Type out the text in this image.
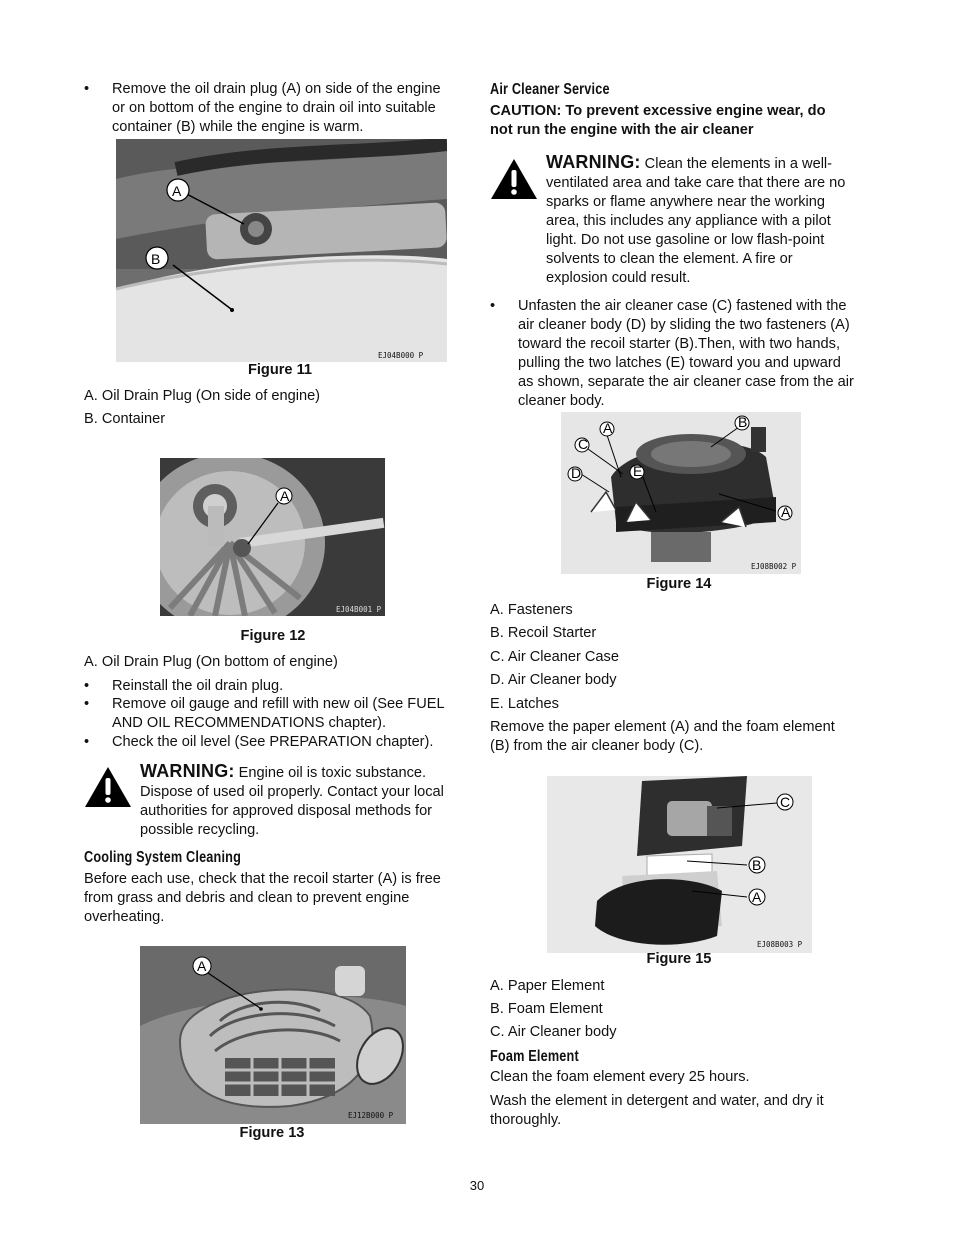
• Remove the oil drain plug (A) on side of the engine
or on bottom of the engine to drain oil into suitable
container (B) while the engine is warm.
A
B
EJ04B000 P
Figure 11
A. Oil Drain Plug (On side of engine)
B. Container
A
EJ04B001 P
Figure 12
A. Oil Drain Plug (On bottom of engine)
• Reinstall the oil drain plug.
• Remove oil gauge and refill with new oil (See FUEL
AND OIL RECOMMENDATIONS chapter).
• Check the oil level (See PREPARATION chapter).
WARNING: Engine oil is toxic substance.
Dispose of used oil properly. Contact your local
authorities for approved disposal methods for
possible recycling.
Cooling System Cleaning
Before each use, check that the recoil starter (A) is free
from grass and debris and clean to prevent engine
overheating.
A
EJ12B000 P
Figure 13
Air Cleaner Service
CAUTION: To prevent excessive engine wear, do
not run the engine with the air cleaner
WARNING: Clean the elements in a well-
ventilated area and take care that there are no
sparks or flame anywhere near the working
area, this includes any appliance with a pilot
light. Do not use gasoline or low flash-point
solvents to clean the element. A fire or
explosion could result.
• Unfasten the air cleaner case (C) fastened with the
air cleaner body (D) by sliding the two fasteners (A)
toward the recoil starter (B).Then, with two hands,
pulling the two latches (E) toward you and upward
as shown, separate the air cleaner case from the air
cleaner body.
A	B
C
D	E
A
EJ08B002 P
Figure 14
A. Fasteners
B. Recoil Starter
C. Air Cleaner Case
D. Air Cleaner body
E. Latches
Remove the paper element (A) and the foam element
(B) from the air cleaner body (C).
C
B
A
EJ08B003 P
Figure 15
A. Paper Element
B. Foam Element
C. Air Cleaner body
Foam Element
Clean the foam element every 25 hours.
Wash the element in detergent and water, and dry it
thoroughly.
30
